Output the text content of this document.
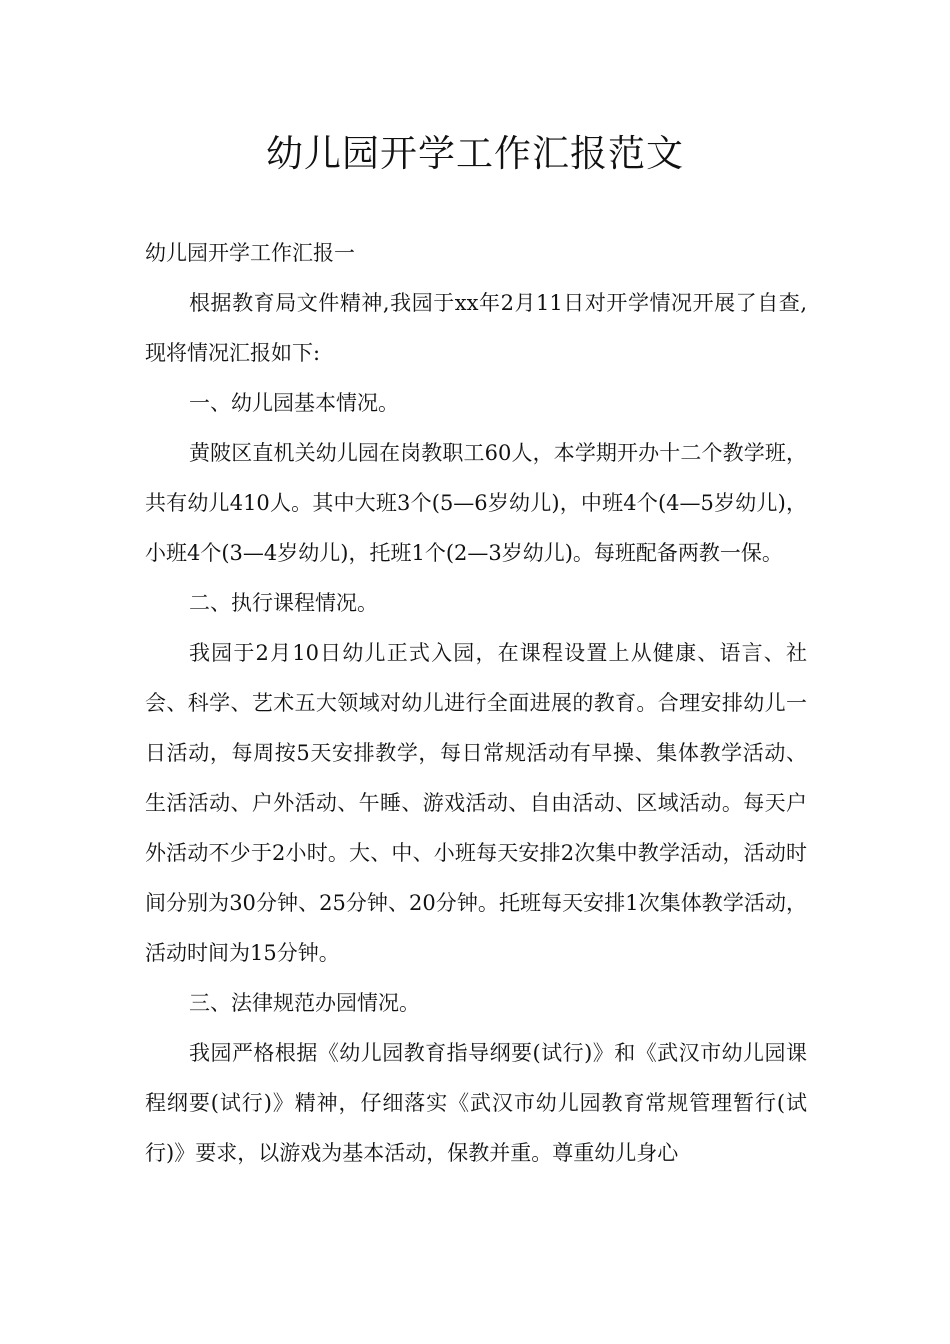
幼儿园开学工作汇报范文

幼儿园开学工作汇报一

根据教育局文件精神,我园于xx年2月11日对开学情况开展了自查,现将情况汇报如下:

一、幼儿园基本情况。

黄陂区直机关幼儿园在岗教职工60人，本学期开办十二个教学班，共有幼儿410人。其中大班3个(5—6岁幼儿)，中班4个(4—5岁幼儿)，小班4个(3—4岁幼儿)，托班1个(2—3岁幼儿)。每班配备两教一保。

二、执行课程情况。

我园于2月10日幼儿正式入园，在课程设置上从健康、语言、社会、科学、艺术五大领域对幼儿进行全面进展的教育。合理安排幼儿一日活动，每周按5天安排教学，每日常规活动有早操、集体教学活动、生活活动、户外活动、午睡、游戏活动、自由活动、区域活动。每天户外活动不少于2小时。大、中、小班每天安排2次集中教学活动，活动时间分别为30分钟、25分钟、20分钟。托班每天安排1次集体教学活动，活动时间为15分钟。

三、法律规范办园情况。

我园严格根据《幼儿园教育指导纲要(试行)》和《武汉市幼儿园课程纲要(试行)》精神，仔细落实《武汉市幼儿园教育常规管理暂行(试行)》要求，以游戏为基本活动，保教并重。尊重幼儿身心
